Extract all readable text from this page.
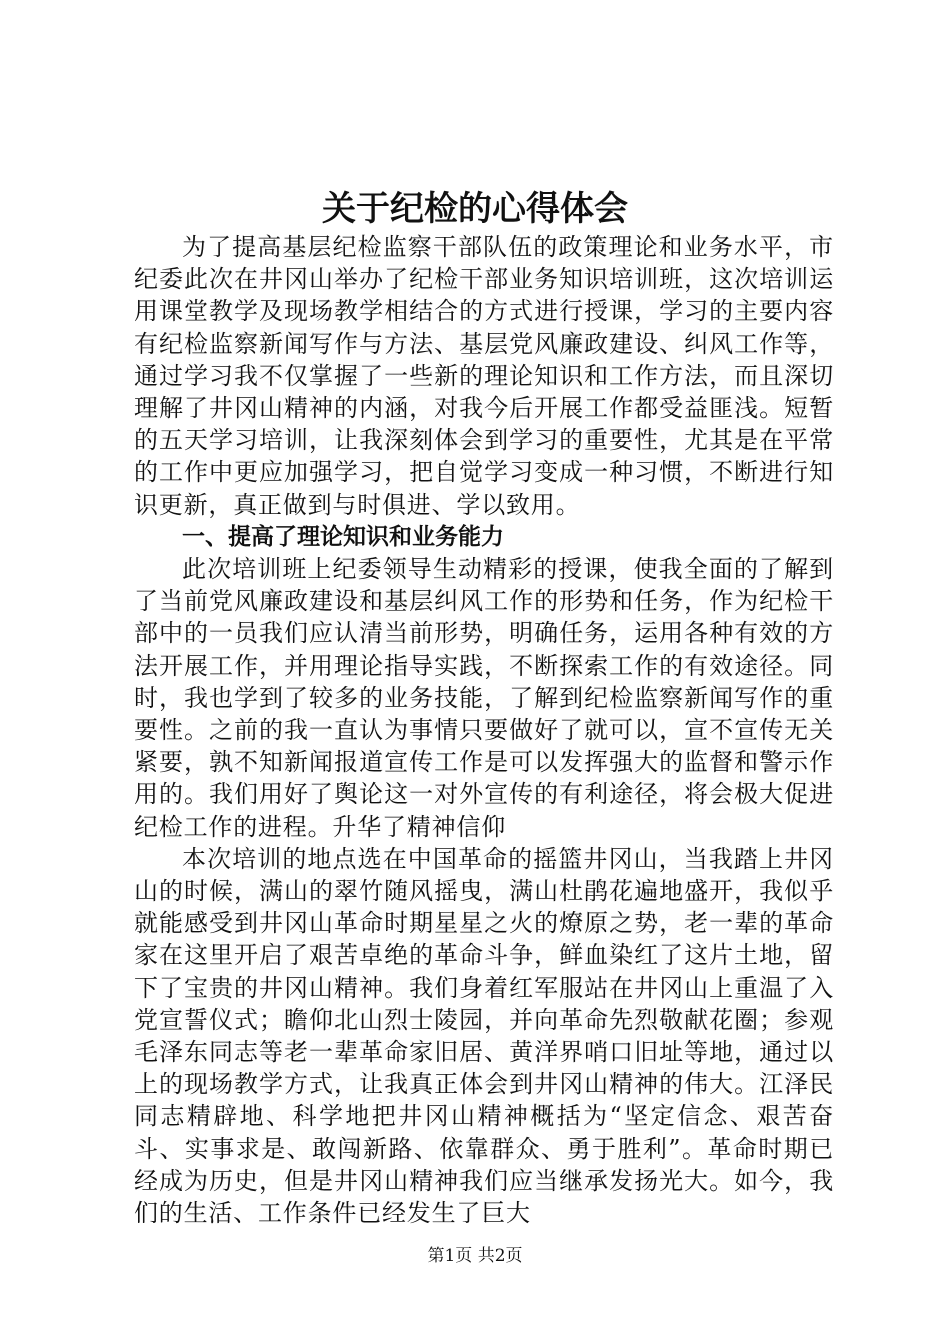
关于纪检的心得体会

为了提高基层纪检监察干部队伍的政策理论和业务水平，市纪委此次在井冈山举办了纪检干部业务知识培训班，这次培训运用课堂教学及现场教学相结合的方式进行授课，学习的主要内容有纪检监察新闻写作与方法、基层党风廉政建设、纠风工作等，通过学习我不仅掌握了一些新的理论知识和工作方法，而且深切理解了井冈山精神的内涵，对我今后开展工作都受益匪浅。短暂的五天学习培训，让我深刻体会到学习的重要性，尤其是在平常的工作中更应加强学习，把自觉学习变成一种习惯，不断进行知识更新，真正做到与时俱进、学以致用。

一、提高了理论知识和业务能力

此次培训班上纪委领导生动精彩的授课，使我全面的了解到了当前党风廉政建设和基层纠风工作的形势和任务，作为纪检干部中的一员我们应认清当前形势，明确任务，运用各种有效的方法开展工作，并用理论指导实践，不断探索工作的有效途径。同时，我也学到了较多的业务技能，了解到纪检监察新闻写作的重要性。之前的我一直认为事情只要做好了就可以，宣不宣传无关紧要，孰不知新闻报道宣传工作是可以发挥强大的监督和警示作用的。我们用好了舆论这一对外宣传的有利途径，将会极大促进纪检工作的进程。升华了精神信仰

本次培训的地点选在中国革命的摇篮井冈山，当我踏上井冈山的时候，满山的翠竹随风摇曳，满山杜鹃花遍地盛开，我似乎就能感受到井冈山革命时期星星之火的燎原之势，老一辈的革命家在这里开启了艰苦卓绝的革命斗争，鲜血染红了这片土地，留下了宝贵的井冈山精神。我们身着红军服站在井冈山上重温了入党宣誓仪式；瞻仰北山烈士陵园，并向革命先烈敬献花圈；参观毛泽东同志等老一辈革命家旧居、黄洋界哨口旧址等地，通过以上的现场教学方式，让我真正体会到井冈山精神的伟大。江泽民同志精辟地、科学地把井冈山精神概括为“坚定信念、艰苦奋斗、实事求是、敢闯新路、依靠群众、勇于胜利”。革命时期已经成为历史，但是井冈山精神我们应当继承发扬光大。如今，我们的生活、工作条件已经发生了巨大

第1页 共2页
